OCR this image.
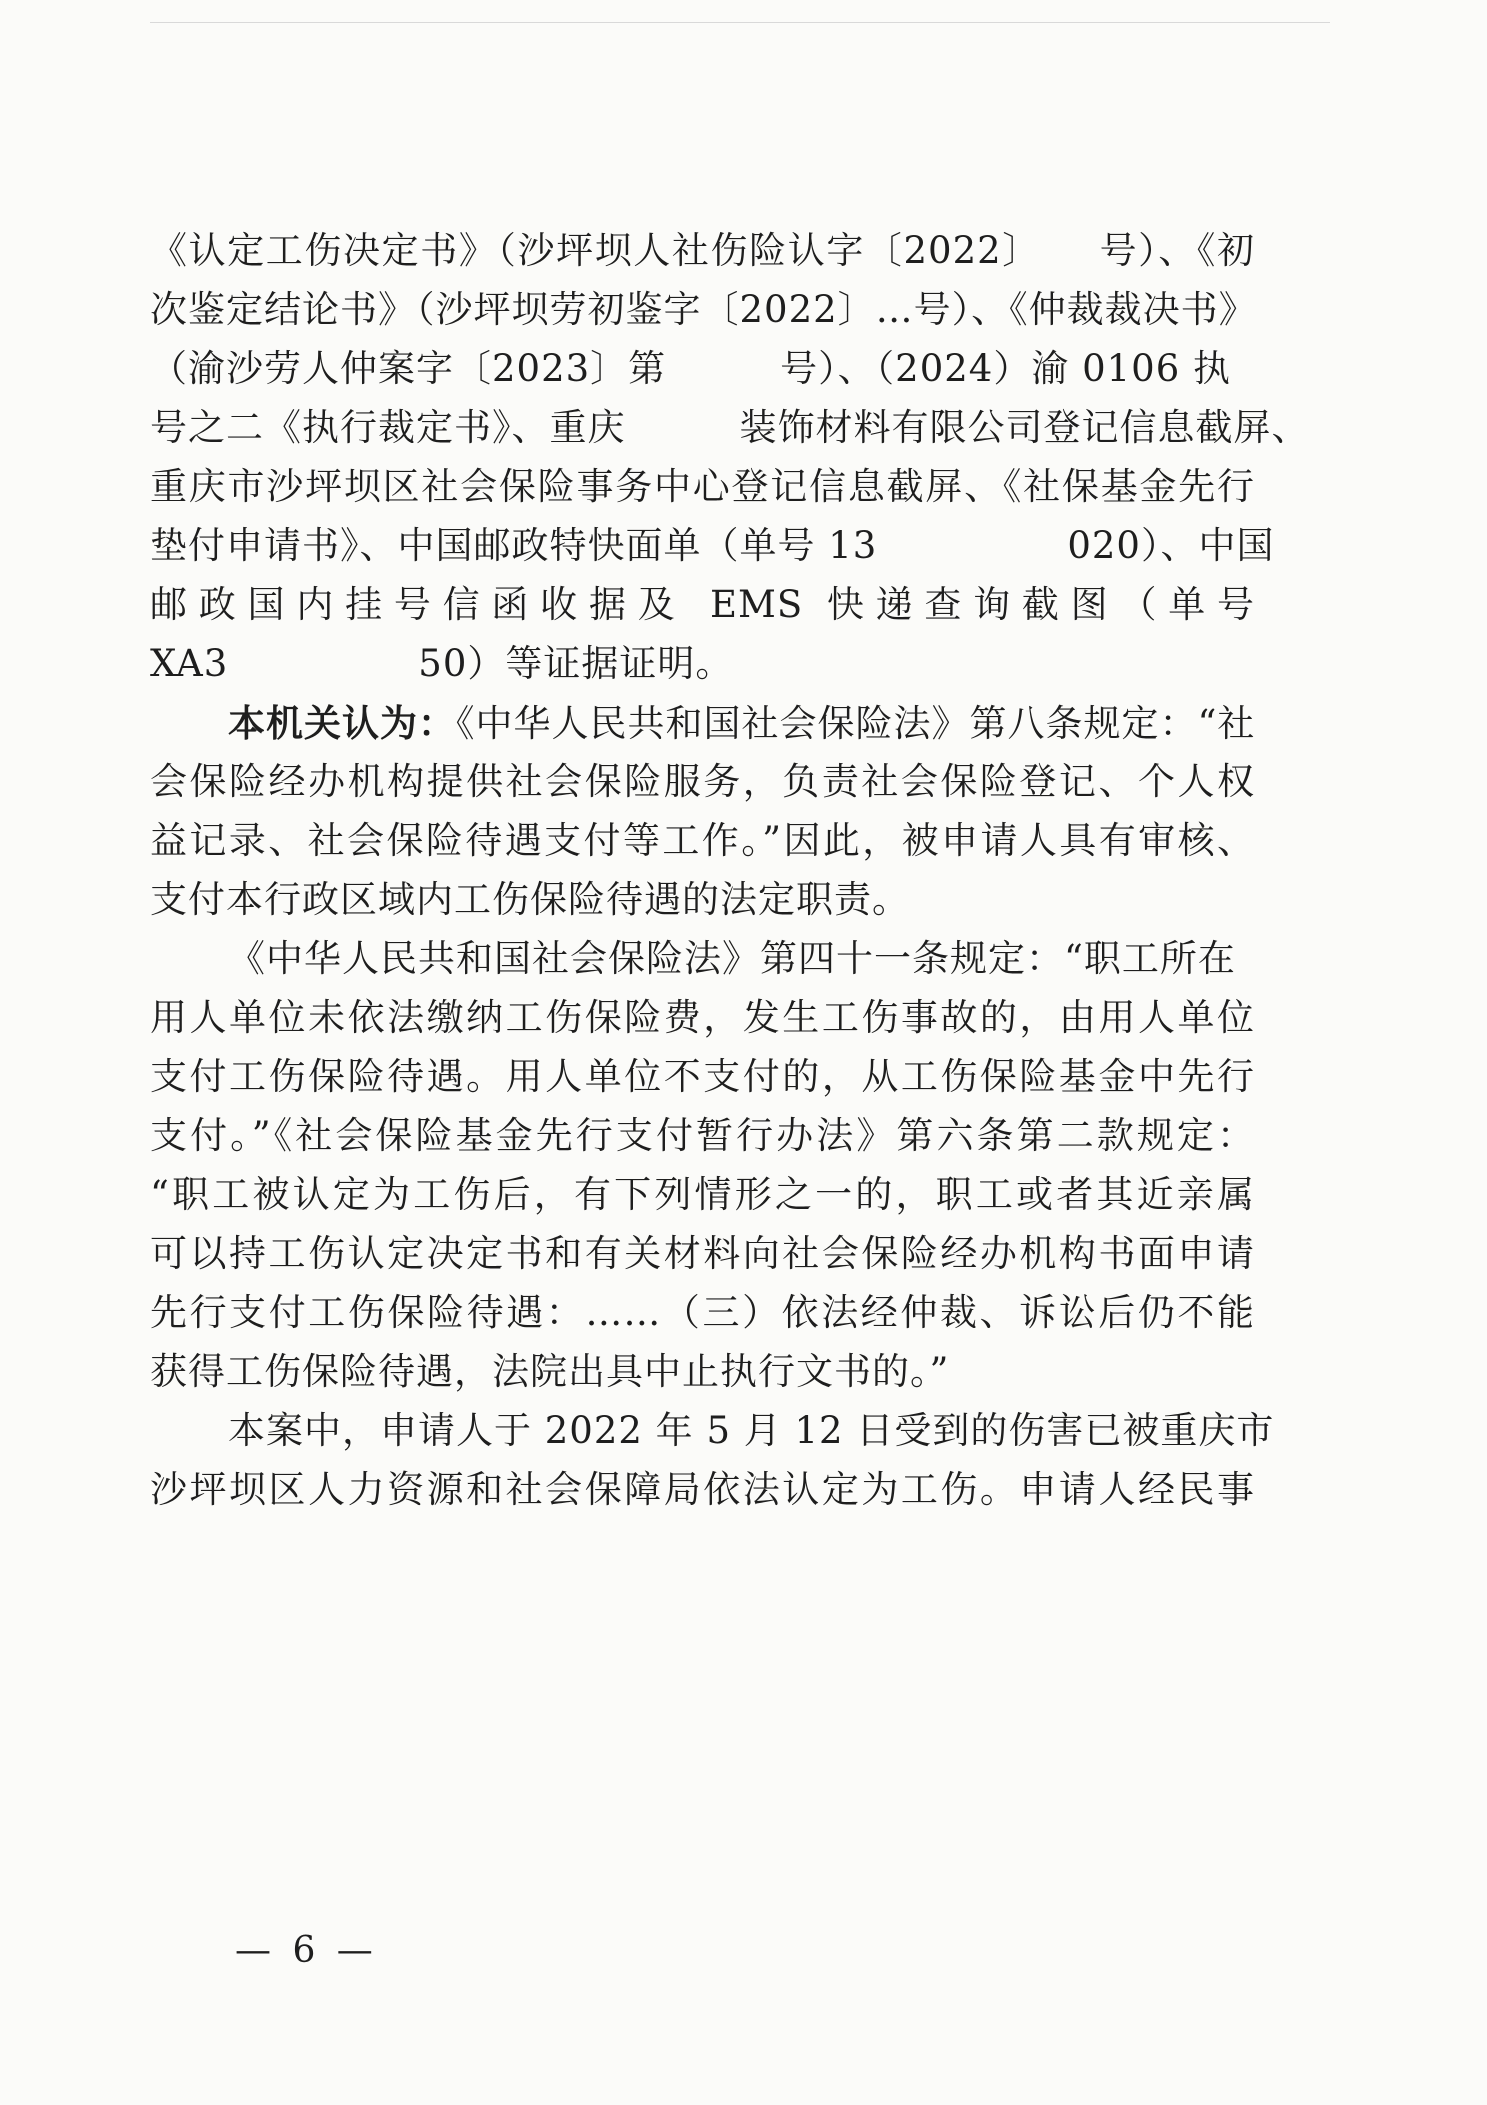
《认定工伤决定书》（沙坪坝人社伤险认字〔2022〕　　号）、《初
次鉴定结论书》（沙坪坝劳初鉴字〔2022〕…号）、《仲裁裁决书》
（渝沙劳人仲案字〔2023〕第　　　号）、（2024）渝 0106 执
号之二《执行裁定书》、重庆　　　装饰材料有限公司登记信息截屏、
重庆市沙坪坝区社会保险事务中心登记信息截屏、《社保基金先行
垫付申请书》、中国邮政特快面单（单号 13　　　　　020）、中国
邮政国内挂号信函收据及 EMS 快递查询截图（单号
XA3　　　　　50）等证据证明。
本机关认为：《中华人民共和国社会保险法》第八条规定：“社
会保险经办机构提供社会保险服务，负责社会保险登记、个人权
益记录、社会保险待遇支付等工作。”因此，被申请人具有审核、
支付本行政区域内工伤保险待遇的法定职责。
《中华人民共和国社会保险法》第四十一条规定：“职工所在
用人单位未依法缴纳工伤保险费，发生工伤事故的，由用人单位
支付工伤保险待遇。用人单位不支付的，从工伤保险基金中先行
支付。”《社会保险基金先行支付暂行办法》第六条第二款规定：
“职工被认定为工伤后，有下列情形之一的，职工或者其近亲属
可以持工伤认定决定书和有关材料向社会保险经办机构书面申请
先行支付工伤保险待遇：……（三）依法经仲裁、诉讼后仍不能
获得工伤保险待遇，法院出具中止执行文书的。”
本案中，申请人于 2022 年 5 月 12 日受到的伤害已被重庆市
沙坪坝区人力资源和社会保障局依法认定为工伤。申请人经民事
— 6 —
